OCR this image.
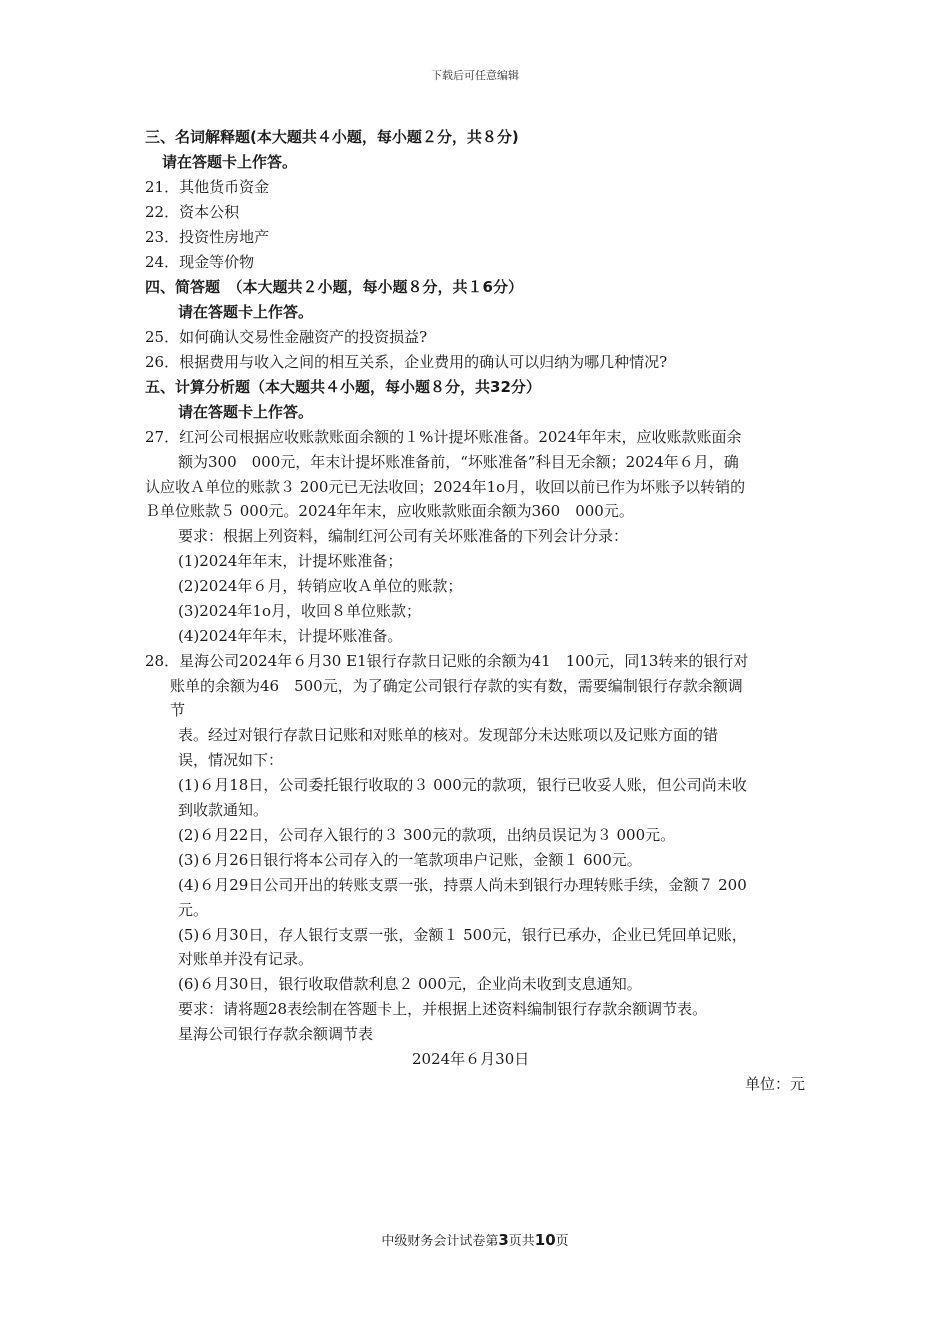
下载后可任意编辑
三、名词解释题(本大题共４小题，每小题２分，共８分)
请在答题卡上作答。
21．其他货币资金
22．资本公积
23．投资性房地产
24．现金等价物
四、简答题　（本大题共２小题，每小题８分，共１6分）
请在答题卡上作答。
25．如何确认交易性金融资产的投资损益?
26．根据费用与收入之间的相互关系，企业费用的确认可以归纳为哪几种情况?
五、计算分析题（本大题共４小题，每小题８分，共32分）
请在答题卡上作答。
27．红河公司根据应收账款账面余额的１%计提坏账准备。2024年年末，应收账款账面余
额为300　000元，年末计提坏账准备前，“坏账准备”科目无余额；2024年６月，确
认应收Ａ单位的账款３ 200元已无法收回；2024年1o月，收回以前已作为坏账予以转销的
Ｂ单位账款５ 000元。2024年年末，应收账款账面余额为360　000元。
要求：根据上列资料，编制红河公司有关坏账准备的下列会计分录：
(1)2024年年末，计提坏账准备；
(2)2024年６月，转销应收Ａ单位的账款；
(3)2024年1o月，收回８单位账款；
(4)2024年年末，计提坏账准备。
28．星海公司2024年６月30 E1银行存款日记账的余额为41　100元，同13转来的银行对
账单的余额为46　500元，为了确定公司银行存款的实有数，需要编制银行存款余额调
节
表。经过对银行存款日记账和对账单的核对。发现部分未达账项以及记账方面的错
误，情况如下：
(1)６月18日，公司委托银行收取的３ 000元的款项，银行已收妥人账，但公司尚未收
到收款通知。
(2)６月22日，公司存入银行的３ 300元的款项，出纳员误记为３ 000元。
(3)６月26日银行将本公司存入的一笔款项串户记账，金额１ 600元。
(4)６月29日公司开出的转账支票一张，持票人尚未到银行办理转账手续，金额７ 200
元。
(5)６月30日，存人银行支票一张，金额１ 500元，银行已承办，企业已凭回单记账，
对账单并没有记录。
(6)６月30日，银行收取借款利息２ 000元，企业尚未收到支息通知。
要求：请将题28表绘制在答题卡上，并根据上述资料编制银行存款余额调节表。
星海公司银行存款余额调节表
2024年６月30日
单位：元
中级财务会计试卷第3页共10页
